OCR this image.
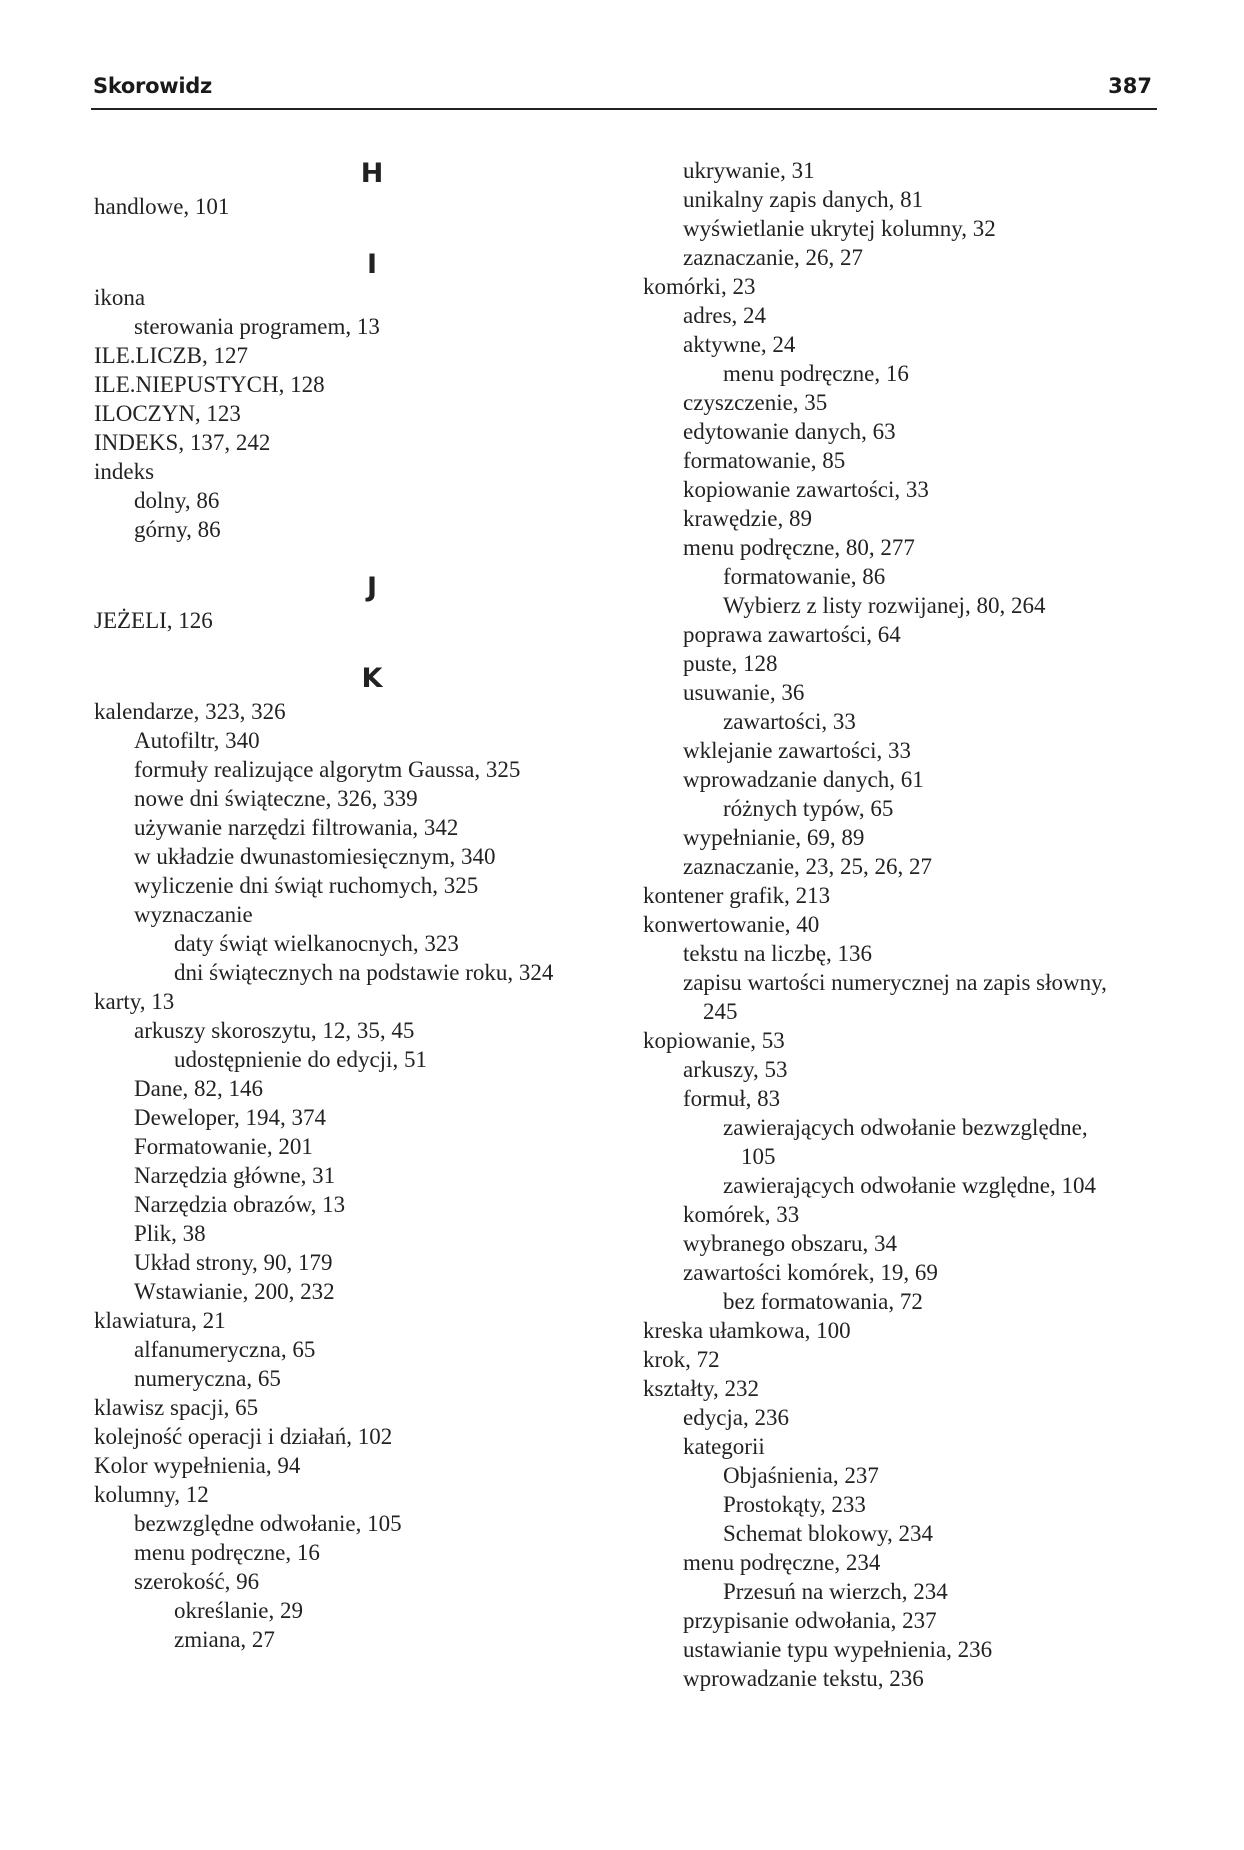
Skorowidz	387
H
handlowe, 101
I
ikona
sterowania programem, 13
ILE.LICZB, 127
ILE.NIEPUSTYCH, 128
ILOCZYN, 123
INDEKS, 137, 242
indeks
dolny, 86
górny, 86
J
JEŻELI, 126
K
kalendarze, 323, 326
Autofiltr, 340
formuły realizujące algorytm Gaussa, 325
nowe dni świąteczne, 326, 339
używanie narzędzi filtrowania, 342
w układzie dwunastomiesięcznym, 340
wyliczenie dni świąt ruchomych, 325
wyznaczanie
daty świąt wielkanocnych, 323
dni świątecznych na podstawie roku, 324
karty, 13
arkuszy skoroszytu, 12, 35, 45
udostępnienie do edycji, 51
Dane, 82, 146
Deweloper, 194, 374
Formatowanie, 201
Narzędzia główne, 31
Narzędzia obrazów, 13
Plik, 38
Układ strony, 90, 179
Wstawianie, 200, 232
klawiatura, 21
alfanumeryczna, 65
numeryczna, 65
klawisz spacji, 65
kolejność operacji i działań, 102
Kolor wypełnienia, 94
kolumny, 12
bezwzględne odwołanie, 105
menu podręczne, 16
szerokość, 96
określanie, 29
zmiana, 27
ukrywanie, 31
unikalny zapis danych, 81
wyświetlanie ukrytej kolumny, 32
zaznaczanie, 26, 27
komórki, 23
adres, 24
aktywne, 24
menu podręczne, 16
czyszczenie, 35
edytowanie danych, 63
formatowanie, 85
kopiowanie zawartości, 33
krawędzie, 89
menu podręczne, 80, 277
formatowanie, 86
Wybierz z listy rozwijanej, 80, 264
poprawa zawartości, 64
puste, 128
usuwanie, 36
zawartości, 33
wklejanie zawartości, 33
wprowadzanie danych, 61
różnych typów, 65
wypełnianie, 69, 89
zaznaczanie, 23, 25, 26, 27
kontener grafik, 213
konwertowanie, 40
tekstu na liczbę, 136
zapisu wartości numerycznej na zapis słowny,
245
kopiowanie, 53
arkuszy, 53
formuł, 83
zawierających odwołanie bezwzględne,
105
zawierających odwołanie względne, 104
komórek, 33
wybranego obszaru, 34
zawartości komórek, 19, 69
bez formatowania, 72
kreska ułamkowa, 100
krok, 72
kształty, 232
edycja, 236
kategorii
Objaśnienia, 237
Prostokąty, 233
Schemat blokowy, 234
menu podręczne, 234
Przesuń na wierzch, 234
przypisanie odwołania, 237
ustawianie typu wypełnienia, 236
wprowadzanie tekstu, 236
